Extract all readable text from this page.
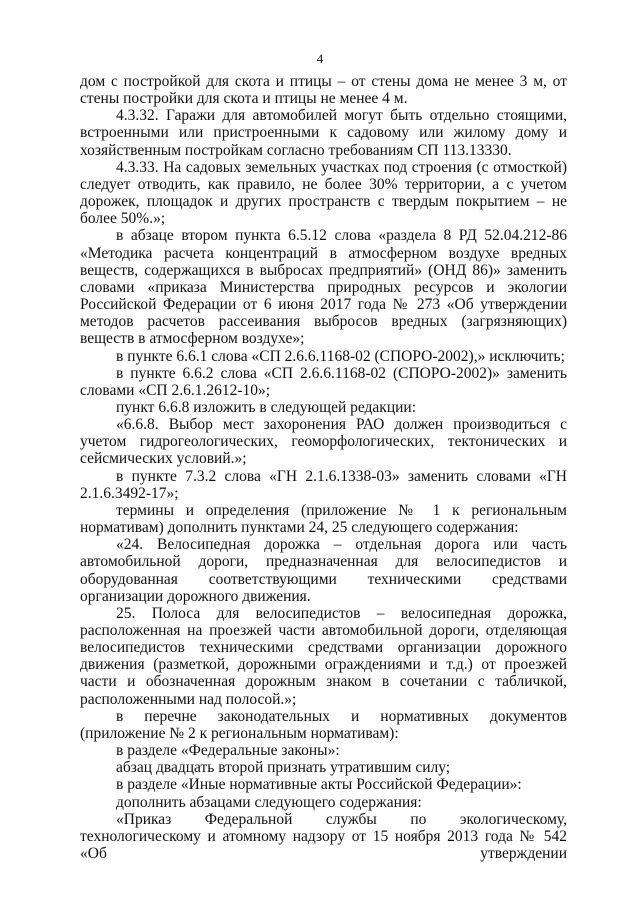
4

дом с постройкой для скота и птицы – от стены дома не менее 3 м, от стены постройки для скота и птицы не менее 4 м.

4.3.32. Гаражи для автомобилей могут быть отдельно стоящими, встроенными или пристроенными к садовому или жилому дому и хозяйственным постройкам согласно требованиям СП 113.13330.

4.3.33. На садовых земельных участках под строения (с отмосткой) следует отводить, как правило, не более 30% территории, а с учетом дорожек, площадок и других пространств с твердым покрытием – не более 50%.»;

в абзаце втором пункта 6.5.12 слова «раздела 8 РД 52.04.212-86 «Методика расчета концентраций в атмосферном воздухе вредных веществ, содержащихся в выбросах предприятий» (ОНД 86)» заменить словами «приказа Министерства природных ресурсов и экологии Российской Федерации от 6 июня 2017 года № 273 «Об утверждении методов расчетов рассеивания выбросов вредных (загрязняющих) веществ в атмосферном воздухе»;

в пункте 6.6.1 слова «СП 2.6.6.1168-02 (СПОРО-2002),» исключить;

в пункте 6.6.2 слова «СП 2.6.6.1168-02 (СПОРО-2002)» заменить словами «СП 2.6.1.2612-10»;

пункт 6.6.8 изложить в следующей редакции:

«6.6.8. Выбор мест захоронения РАО должен производиться с учетом гидрогеологических, геоморфологических, тектонических и сейсмических условий.»;

в пункте 7.3.2 слова «ГН 2.1.6.1338-03» заменить словами «ГН 2.1.6.3492-17»;

термины и определения (приложение № 1 к региональным нормативам) дополнить пунктами 24, 25 следующего содержания:

«24. Велосипедная дорожка – отдельная дорога или часть автомобильной дороги, предназначенная для велосипедистов и оборудованная соответствующими техническими средствами организации дорожного движения.

25. Полоса для велосипедистов – велосипедная дорожка, расположенная на проезжей части автомобильной дороги, отделяющая велосипедистов техническими средствами организации дорожного движения (разметкой, дорожными ограждениями и т.д.) от проезжей части и обозначенная дорожным знаком в сочетании с табличкой, расположенными над полосой.»;

в перечне законодательных и нормативных документов (приложение № 2 к региональным нормативам):

в разделе «Федеральные законы»:

абзац двадцать второй признать утратившим силу;

в разделе «Иные нормативные акты Российской Федерации»:

дополнить абзацами следующего содержания:

«Приказ Федеральной службы по экологическому, технологическому и атомному надзору от 15 ноября 2013 года № 542 «Об утверждении
